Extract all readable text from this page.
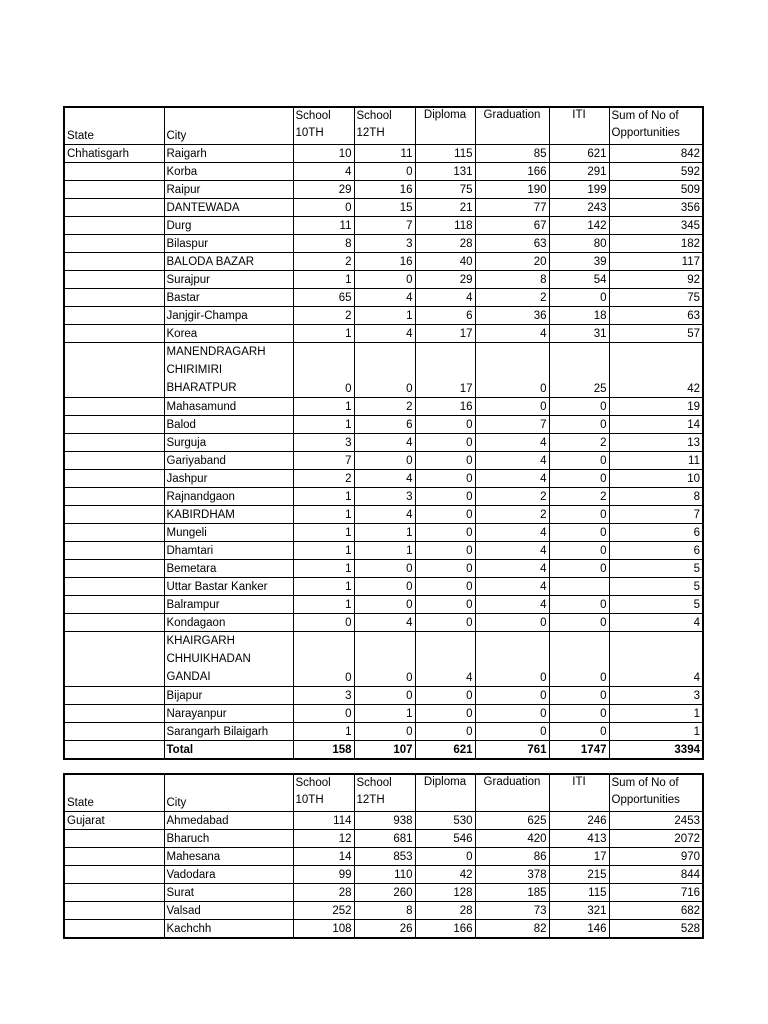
State	City	School 10TH	School 12TH	Diploma	Graduation	ITI	Sum of No of Opportunities
Chhatisgarh	Raigarh	10	11	115	85	621	842
	Korba	4	0	131	166	291	592
	Raipur	29	16	75	190	199	509
	DANTEWADA	0	15	21	77	243	356
	Durg	11	7	118	67	142	345
	Bilaspur	8	3	28	63	80	182
	BALODA BAZAR	2	16	40	20	39	117
	Surajpur	1	0	29	8	54	92
	Bastar	65	4	4	2	0	75
	Janjgir-Champa	2	1	6	36	18	63
	Korea	1	4	17	4	31	57
	MANENDRAGARH CHIRIMIRI BHARATPUR	0	0	17	0	25	42
	Mahasamund	1	2	16	0	0	19
	Balod	1	6	0	7	0	14
	Surguja	3	4	0	4	2	13
	Gariyaband	7	0	0	4	0	11
	Jashpur	2	4	0	4	0	10
	Rajnandgaon	1	3	0	2	2	8
	KABIRDHAM	1	4	0	2	0	7
	Mungeli	1	1	0	4	0	6
	Dhamtari	1	1	0	4	0	6
	Bemetara	1	0	0	4	0	5
	Uttar Bastar Kanker	1	0	0	4		5
	Balrampur	1	0	0	4	0	5
	Kondagaon	0	4	0	0	0	4
	KHAIRGARH CHHUIKHADAN GANDAI	0	0	4	0	0	4
	Bijapur	3	0	0	0	0	3
	Narayanpur	0	1	0	0	0	1
	Sarangarh Bilaigarh	1	0	0	0	0	1
	Total	158	107	621	761	1747	3394
State	City	School 10TH	School 12TH	Diploma	Graduation	ITI	Sum of No of Opportunities
Gujarat	Ahmedabad	114	938	530	625	246	2453
	Bharuch	12	681	546	420	413	2072
	Mahesana	14	853	0	86	17	970
	Vadodara	99	110	42	378	215	844
	Surat	28	260	128	185	115	716
	Valsad	252	8	28	73	321	682
	Kachchh	108	26	166	82	146	528
